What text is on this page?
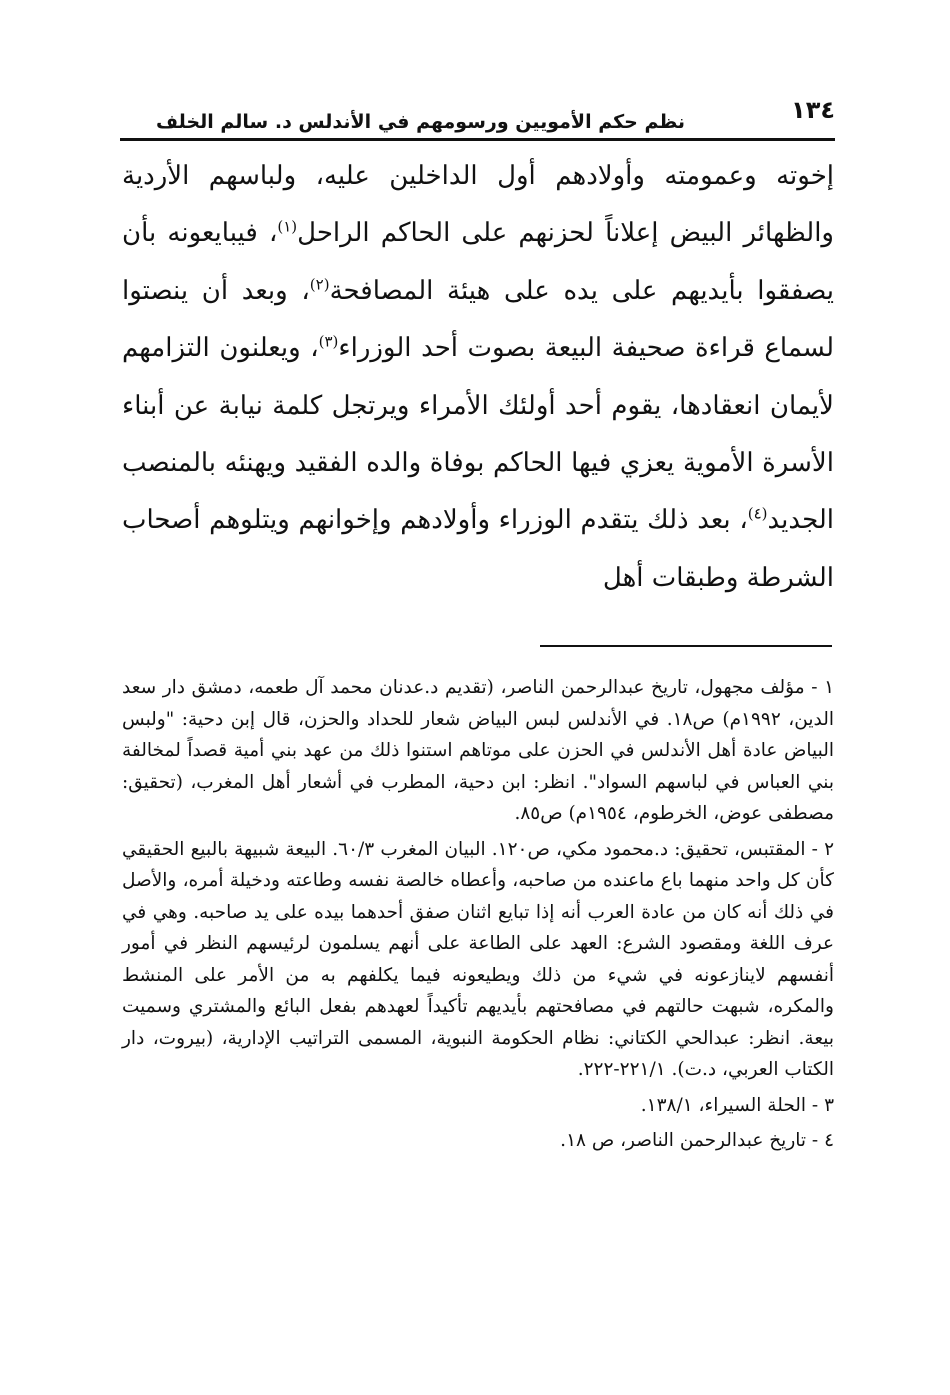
١٣٤
نظم حكم الأمويين ورسومهم في الأندلس د. سالم الخلف

إخوته وعمومته وأولادهم أول الداخلين عليه، ولباسهم الأردية والظهائر البيض إعلاناً لحزنهم على الحاكم الراحل$^{(١)}$، فيبايعونه بأن يصفقوا بأيديهم على يده على هيئة المصافحة$^{(٢)}$، وبعد أن ينصتوا لسماع قراءة صحيفة البيعة بصوت أحد الوزراء$^{(٣)}$، ويعلنون التزامهم لأيمان انعقادها، يقوم أحد أولئك الأمراء ويرتجل كلمة نيابة عن أبناء الأسرة الأموية يعزي فيها الحاكم بوفاة والده الفقيد ويهنئه بالمنصب الجديد$^{(٤)}$، بعد ذلك يتقدم الوزراء وأولادهم وإخوانهم ويتلوهم أصحاب الشرطة وطبقات أهل

١ - مؤلف مجهول، تاريخ عبدالرحمن الناصر، (تقديم د.عدنان محمد آل طعمه، دمشق دار سعد الدين، ١٩٩٢م) ص١٨. في الأندلس لبس البياض شعار للحداد والحزن، قال إبن دحية: "ولبس البياض عادة أهل الأندلس في الحزن على موتاهم استنوا ذلك من عهد بني أمية قصداً لمخالفة بني العباس في لباسهم السواد". انظر: ابن دحية، المطرب في أشعار أهل المغرب، (تحقيق: مصطفى عوض، الخرطوم، ١٩٥٤م) ص٨٥.

٢ - المقتبس، تحقيق: د.محمود مكي، ص١٢٠. البيان المغرب ٦٠/٣. البيعة شبيهة بالبيع الحقيقي كأن كل واحد منهما باع ماعنده من صاحبه، وأعطاه خالصة نفسه وطاعته ودخيلة أمره، والأصل في ذلك أنه كان من عادة العرب أنه إذا تبايع اثنان صفق أحدهما بيده على يد صاحبه. وهي في عرف اللغة ومقصود الشرع: العهد على الطاعة على أنهم يسلمون لرئيسهم النظر في أمور أنفسهم لاينازعونه في شيء من ذلك ويطيعونه فيما يكلفهم به من الأمر على المنشط والمكره، شبهت حالتهم في مصافحتهم بأيديهم تأكيداً لعهدهم بفعل البائع والمشتري وسميت بيعة. انظر: عبدالحي الكتاني: نظام الحكومة النبوية، المسمى التراتيب الإدارية، (بيروت، دار الكتاب العربي، د.ت). ٢٢١/١-٢٢٢.

٣ - الحلة السيراء، ١٣٨/١.

٤ - تاريخ عبدالرحمن الناصر، ص ١٨.
